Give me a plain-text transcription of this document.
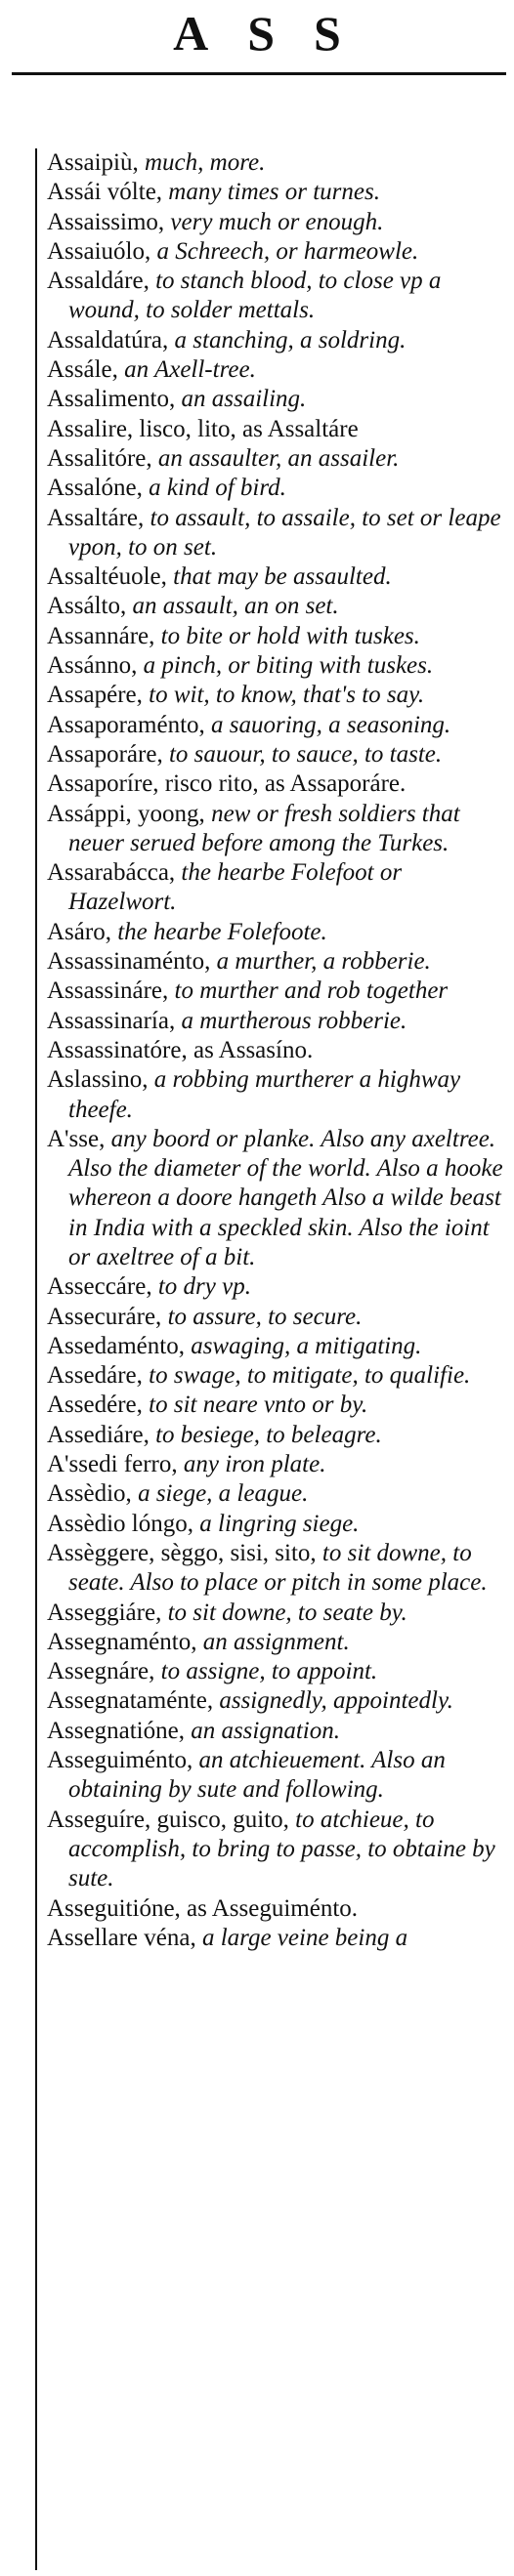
ASS
Assaipiù, much, more.
Assái vólte, many times or turnes.
Assaissimo, very much or enough.
Assaiuólo, a Schreech, or harmeowle.
Assaldáre, to stanch blood, to close vp a wound, to solder mettals.
Assaldatúra, a stanching, a soldring.
Assále, an Axell-tree.
Assalimento, an assailing.
Assalire, lisco, lito, as Assaltáre
Assalitóre, an assaulter, an assailer.
Assalóne, a kind of bird.
Assaltáre, to assault, to assaile, to set or leape vpon, to on set.
Assaltéuole, that may be assaulted.
Assálto, an assault, an on set.
Assannáre, to bite or hold with tuskes.
Assánno, a pinch, or biting with tuskes.
Assapére, to wit, to know, that's to say.
Assaporaménto, a sauoring, a seasoning.
Assaporáre, to sauour, to sauce, to taste.
Assaporíre, risco rito, as Assaporáre.
Assáppi, yoong, new or fresh soldiers that neuer serued before among the Turkes.
Assarabácca, the hearbe Folefoot or Hazelwort.
Asáro, the hearbe Folefoote.
Assassinaménto, a murther, a robberie.
Assassináre, to murther and rob together
Assassinaría, a murtherous robberie.
Assassinatóre, as Assasíno.
Aslassino, a robbing murtherer a highway theefe.
A'sse, any boord or planke. Also any axeltree. Also the diameter of the world. Also a hooke whereon a doore hangeth Also a wilde beast in India with a speckled skin. Also the ioint or axeltree of a bit.
Asseccáre, to dry vp.
Assecuráre, to assure, to secure.
Assedaménto, aswaging, a mitigating.
Assedáre, to swage, to mitigate, to qualifie.
Assedére, to sit neare vnto or by.
Assediáre, to besiege, to beleagre.
A'ssedi ferro, any iron plate.
Assèdio, a siege, a league.
Assèdio lóngo, a lingring siege.
Assèggere, sèggo, sisi, sito, to sit downe, to seate. Also to place or pitch in some place.
Asseggiáre, to sit downe, to seate by.
Assegnaménto, an assignment.
Assegnáre, to assigne, to appoint.
Assegnataménte, assignedly, appointedly.
Assegnatióne, an assignation.
Asseguiménto, an atchieuement. Also an obtaining by sute and following.
Asseguíre, guisco, guito, to atchieue, to accomplish, to bring to passe, to obtaine by sute.
Asseguitióne, as Asseguiménto.
Assellare véna, a large veine being a
